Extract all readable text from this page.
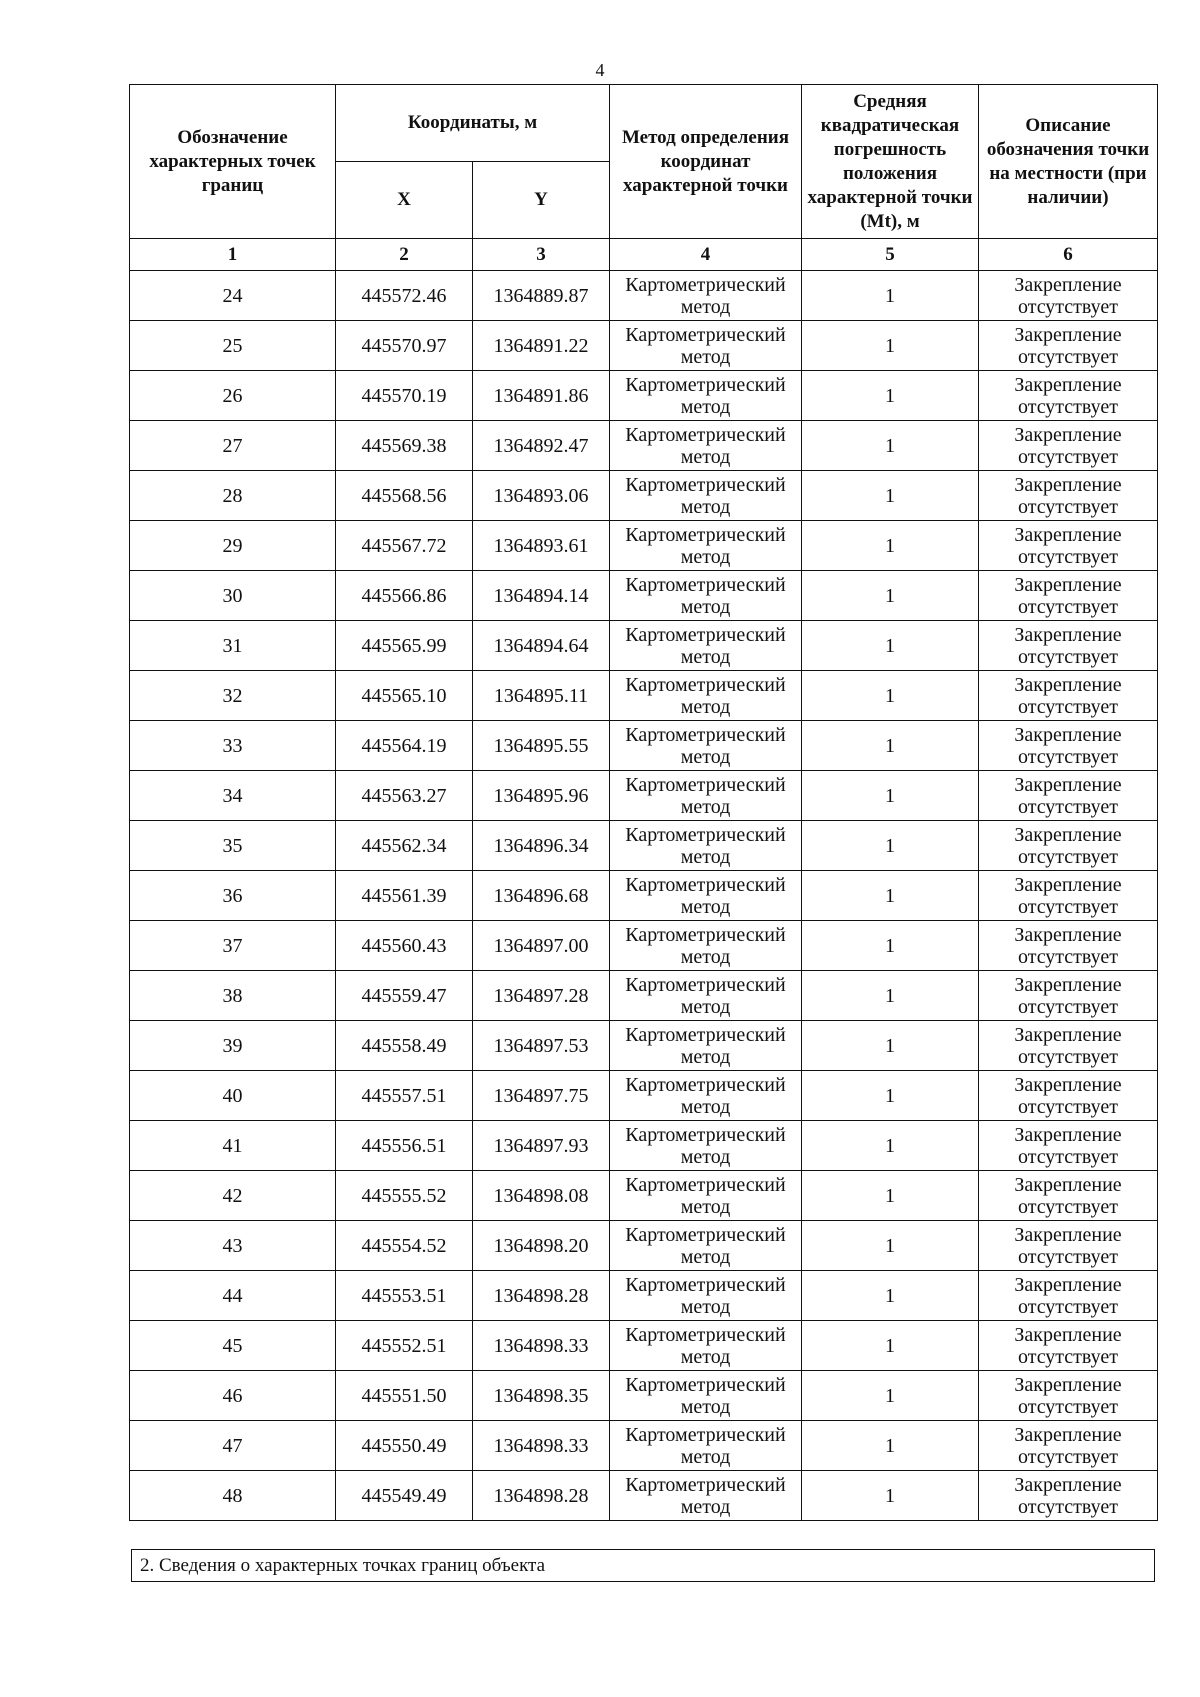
4
Обозначение характерных точек границ	Координаты, м		Метод определения координат характерной точки	Средняя квадратическая погрешность положения характерной точки (Mt), м	Описание обозначения точки на местности (при наличии)
	X	Y			
1	2	3	4	5	6
24	445572.46	1364889.87	Картометрический метод	1	Закрепление отсутствует
25	445570.97	1364891.22	Картометрический метод	1	Закрепление отсутствует
26	445570.19	1364891.86	Картометрический метод	1	Закрепление отсутствует
27	445569.38	1364892.47	Картометрический метод	1	Закрепление отсутствует
28	445568.56	1364893.06	Картометрический метод	1	Закрепление отсутствует
29	445567.72	1364893.61	Картометрический метод	1	Закрепление отсутствует
30	445566.86	1364894.14	Картометрический метод	1	Закрепление отсутствует
31	445565.99	1364894.64	Картометрический метод	1	Закрепление отсутствует
32	445565.10	1364895.11	Картометрический метод	1	Закрепление отсутствует
33	445564.19	1364895.55	Картометрический метод	1	Закрепление отсутствует
34	445563.27	1364895.96	Картометрический метод	1	Закрепление отсутствует
35	445562.34	1364896.34	Картометрический метод	1	Закрепление отсутствует
36	445561.39	1364896.68	Картометрический метод	1	Закрепление отсутствует
37	445560.43	1364897.00	Картометрический метод	1	Закрепление отсутствует
38	445559.47	1364897.28	Картометрический метод	1	Закрепление отсутствует
39	445558.49	1364897.53	Картометрический метод	1	Закрепление отсутствует
40	445557.51	1364897.75	Картометрический метод	1	Закрепление отсутствует
41	445556.51	1364897.93	Картометрический метод	1	Закрепление отсутствует
42	445555.52	1364898.08	Картометрический метод	1	Закрепление отсутствует
43	445554.52	1364898.20	Картометрический метод	1	Закрепление отсутствует
44	445553.51	1364898.28	Картометрический метод	1	Закрепление отсутствует
45	445552.51	1364898.33	Картометрический метод	1	Закрепление отсутствует
46	445551.50	1364898.35	Картометрический метод	1	Закрепление отсутствует
47	445550.49	1364898.33	Картометрический метод	1	Закрепление отсутствует
48	445549.49	1364898.28	Картометрический метод	1	Закрепление отсутствует
2. Сведения о характерных точках границ объекта
